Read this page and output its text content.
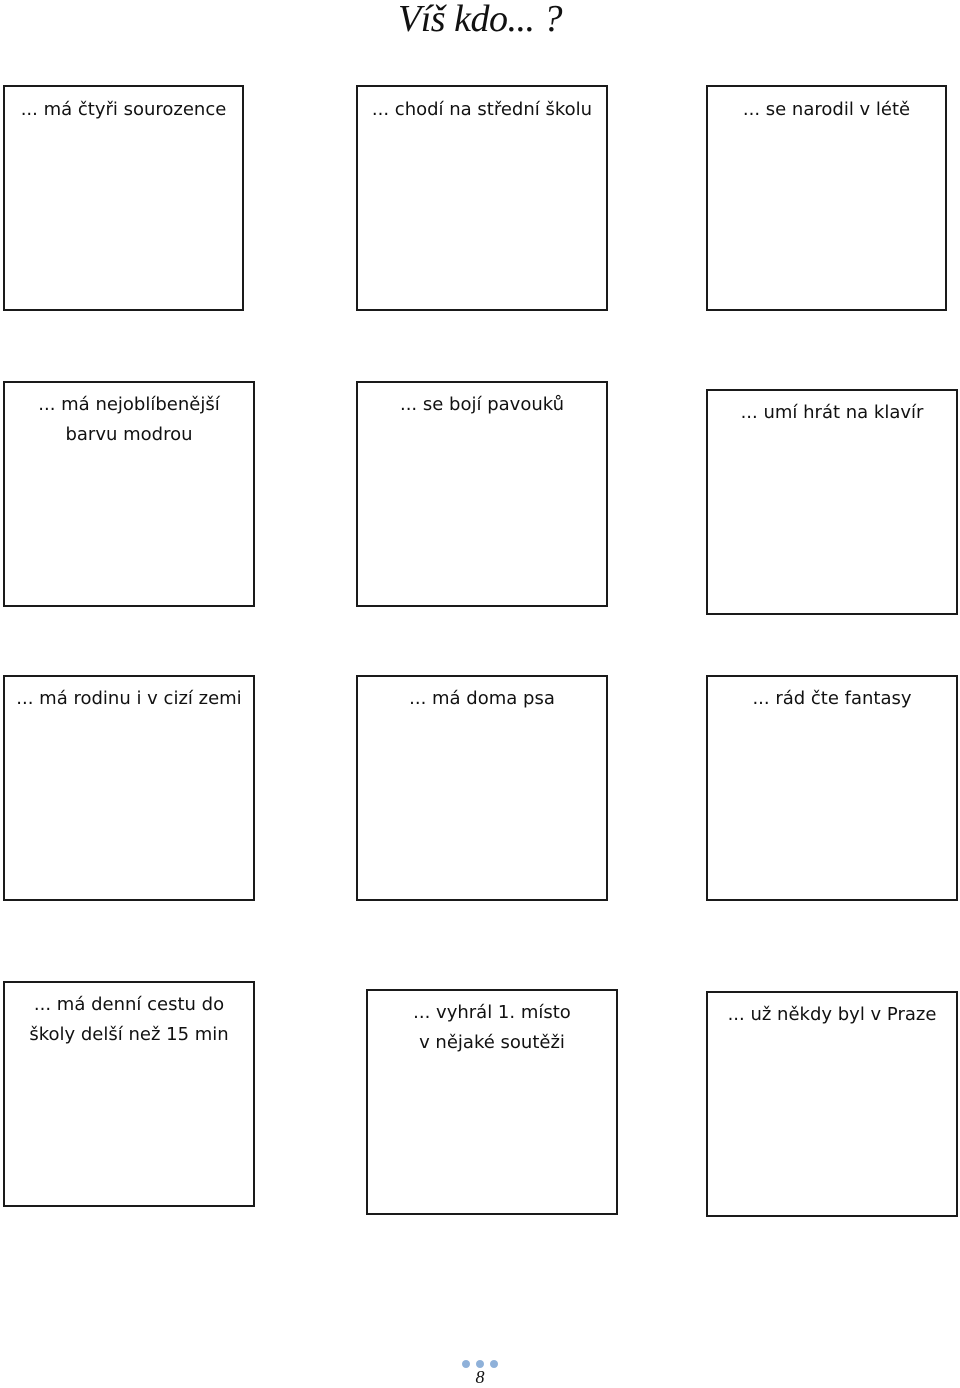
Víš kdo... ?
... má čtyři sourozence	... chodí na střední školu	... se narodil v létě
... má nejoblíbenější
barvu modrou
... se bojí pavouků	... umí hrát na klavír
... má rodinu i v cizí zemi	... má doma psa	... rád čte fantasy
... má denní cestu do
školy delší než 15 min
... vyhrál 1. místo
v nějaké soutěži
... už někdy byl v Praze

8
